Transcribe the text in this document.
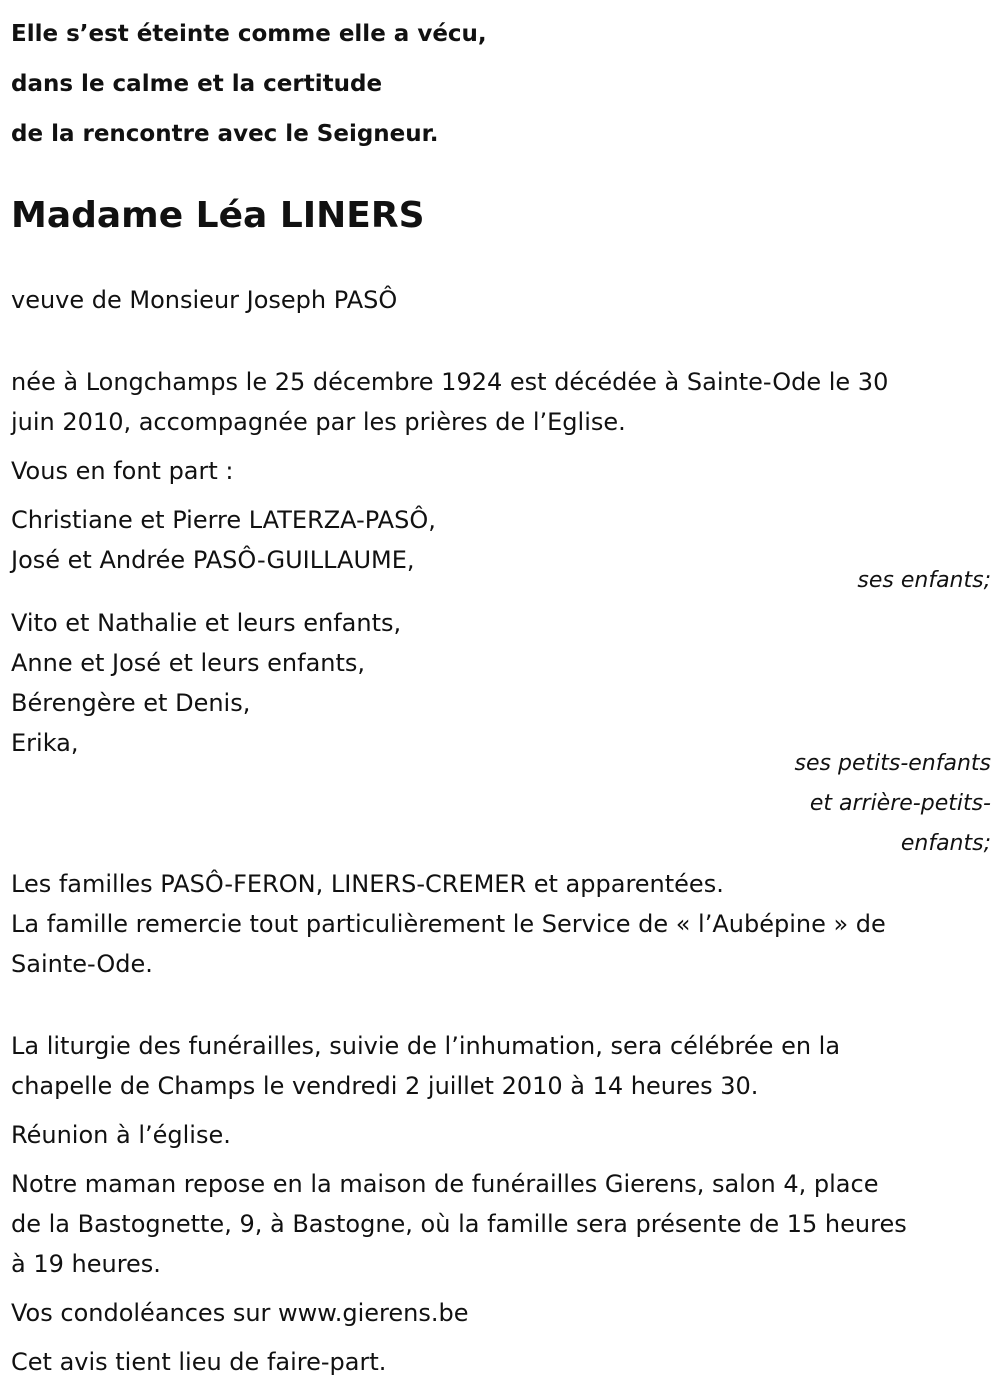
Elle s’est éteinte comme elle a vécu,
dans le calme et la certitude
de la rencontre avec le Seigneur.
Madame Léa LINERS
veuve de Monsieur Joseph PASÔ
née à Longchamps le 25 décembre 1924 est décédée à Sainte-Ode le 30
juin 2010, accompagnée par les prières de l’Eglise.
Vous en font part :
Christiane et Pierre LATERZA-PASÔ,
José et Andrée PASÔ-GUILLAUME,
ses enfants;
Vito et Nathalie et leurs enfants,
Anne et José et leurs enfants,
Bérengère et Denis,
Erika,
ses petits-enfants
et arrière-petits-
enfants;
Les familles PASÔ-FERON, LINERS-CREMER et apparentées.
La famille remercie tout particulièrement le Service de « l’Aubépine » de
Sainte-Ode.
La liturgie des funérailles, suivie de l’inhumation, sera célébrée en la
chapelle de Champs le vendredi 2 juillet 2010 à 14 heures 30.
Réunion à l’église.
Notre maman repose en la maison de funérailles Gierens, salon 4, place
de la Bastognette, 9, à Bastogne, où la famille sera présente de 15 heures
à 19 heures.
Vos condoléances sur www.gierens.be
Cet avis tient lieu de faire-part.
